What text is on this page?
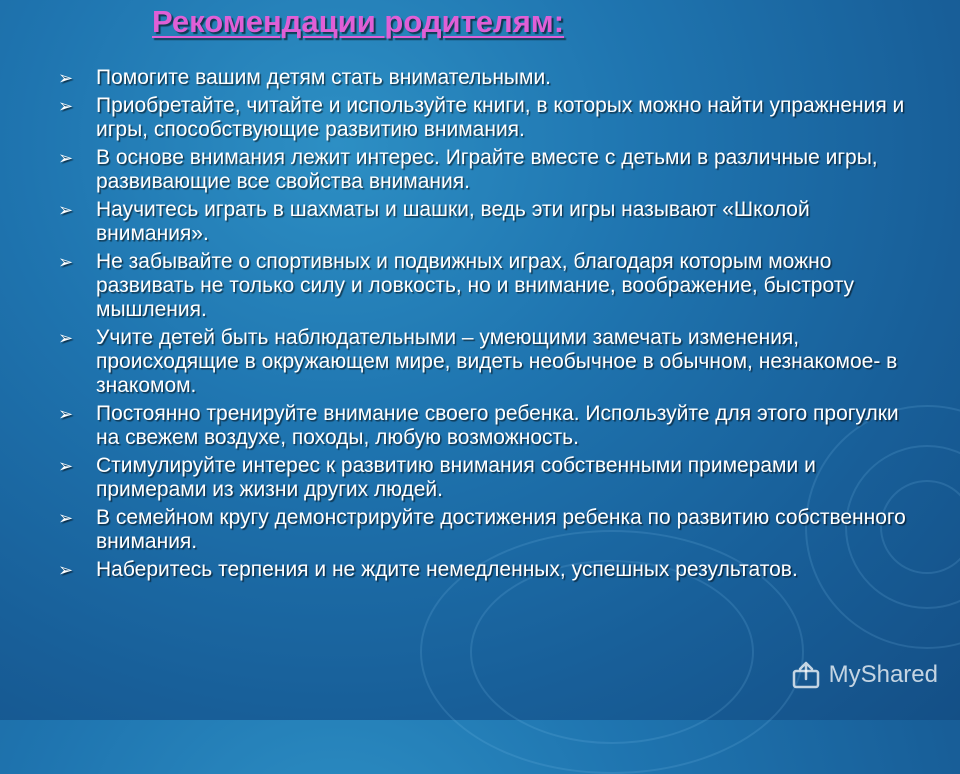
Рекомендации родителям:
➢ Помогите вашим детям стать внимательными.
➢ Приобретайте, читайте и используйте книги, в которых можно найти упражнения и игры, способствующие развитию внимания.
➢ В основе внимания лежит интерес. Играйте вместе с детьми в различные игры, развивающие все свойства внимания.
➢ Научитесь играть в шахматы и шашки, ведь эти игры называют «Школой внимания».
➢ Не забывайте о спортивных и подвижных играх, благодаря которым можно развивать не только силу и ловкость, но и внимание, воображение, быстроту мышления.
➢ Учите детей быть наблюдательными – умеющими замечать изменения, происходящие в окружающем мире, видеть необычное в обычном, незнакомое- в знакомом.
➢ Постоянно тренируйте внимание своего ребенка. Используйте для этого прогулки на свежем воздухе, походы, любую возможность.
➢ Стимулируйте интерес к развитию внимания собственными примерами и примерами из жизни других людей.
➢ В семейном кругу демонстрируйте достижения ребенка по развитию собственного внимания.
➢ Наберитесь терпения и не ждите немедленных, успешных результатов.
MyShared
